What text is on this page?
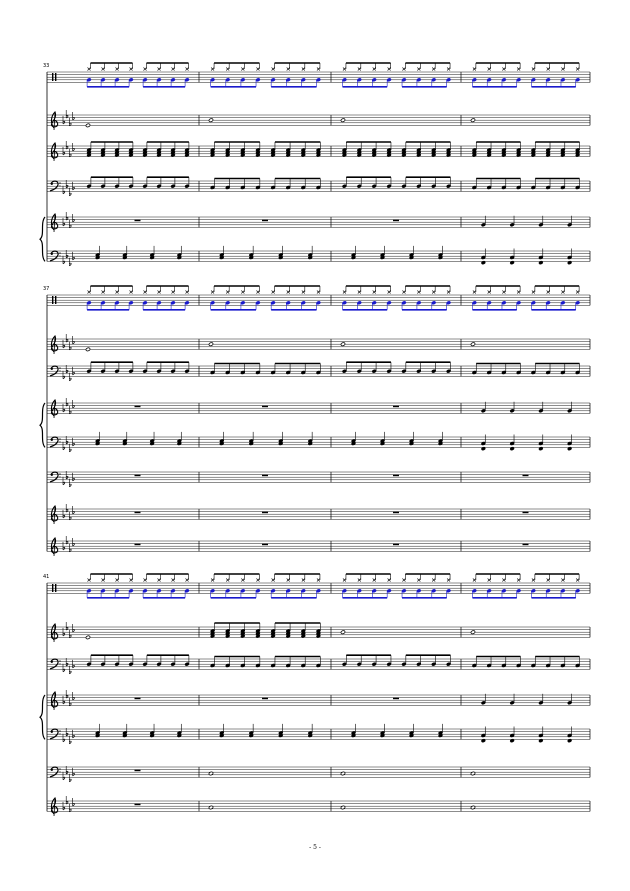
33
37
41
- 5 -
